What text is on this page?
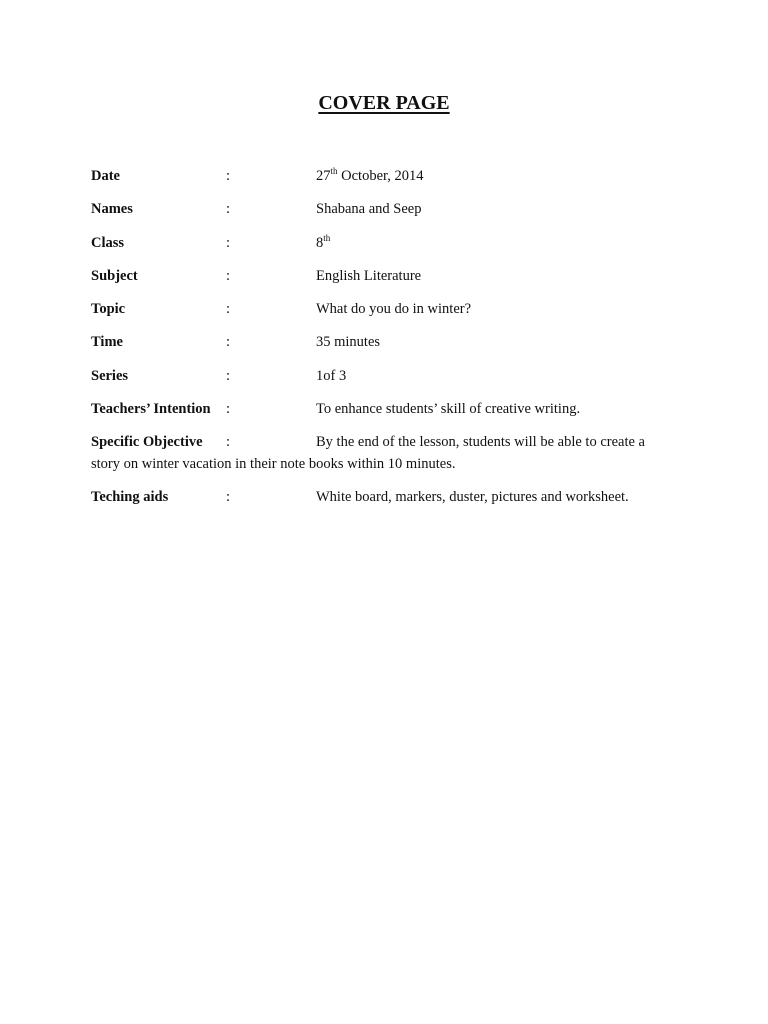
COVER PAGE
Date	:	27th October, 2014
Names	:	Shabana and Seep
Class	:	8th
Subject	:	English Literature
Topic	:	What do you do in winter?
Time	:	35 minutes
Series	:	1of 3
Teachers’ Intention :	To enhance students’ skill of creative writing.
Specific Objective :	By the end of the lesson, students will be able to create a
story on winter vacation in their note books within 10 minutes.
Teching aids	:	White board, markers, duster, pictures and worksheet.
